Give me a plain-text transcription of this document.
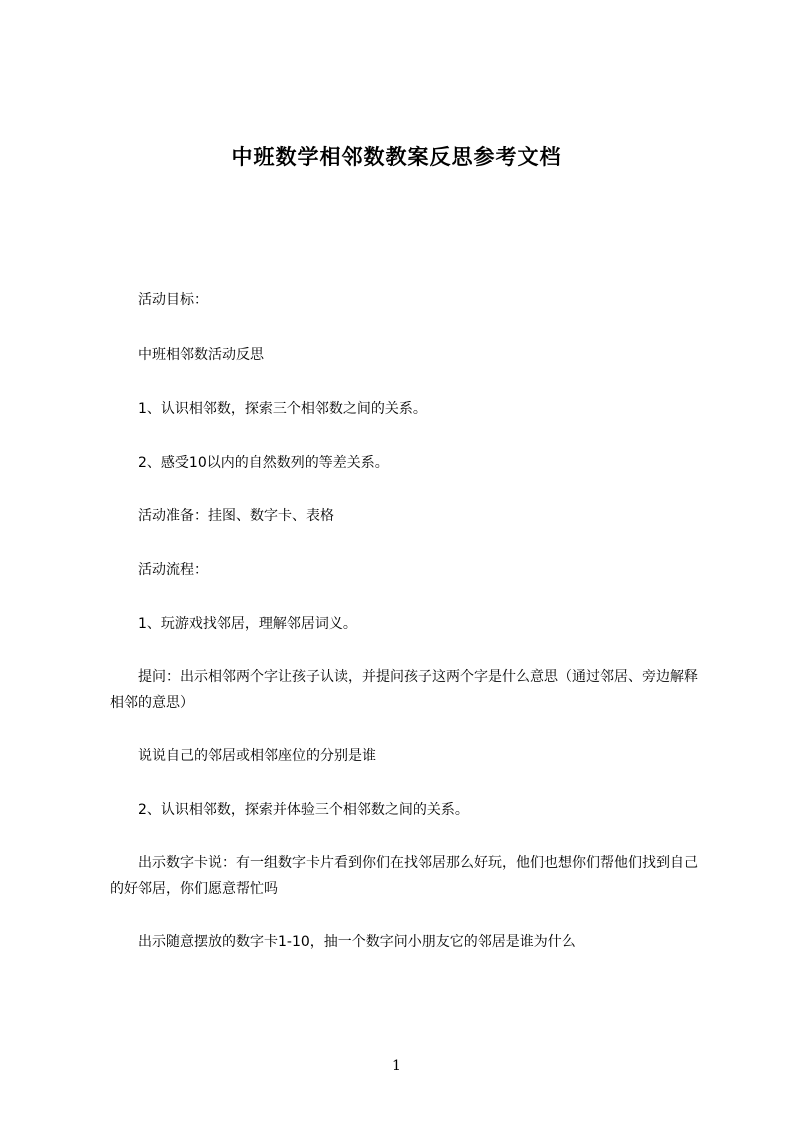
中班数学相邻数教案反思参考文档

活动目标：

中班相邻数活动反思

1、认识相邻数，探索三个相邻数之间的关系。

2、感受10以内的自然数列的等差关系。

活动准备：挂图、数字卡、表格

活动流程：

1、玩游戏找邻居，理解邻居词义。

提问：出示相邻两个字让孩子认读，并提问孩子这两个字是什么意思（通过邻居、旁边解释相邻的意思）

说说自己的邻居或相邻座位的分别是谁

2、认识相邻数，探索并体验三个相邻数之间的关系。

出示数字卡说：有一组数字卡片看到你们在找邻居那么好玩，他们也想你们帮他们找到自己的好邻居，你们愿意帮忙吗

出示随意摆放的数字卡1-10，抽一个数字问小朋友它的邻居是谁为什么

1
